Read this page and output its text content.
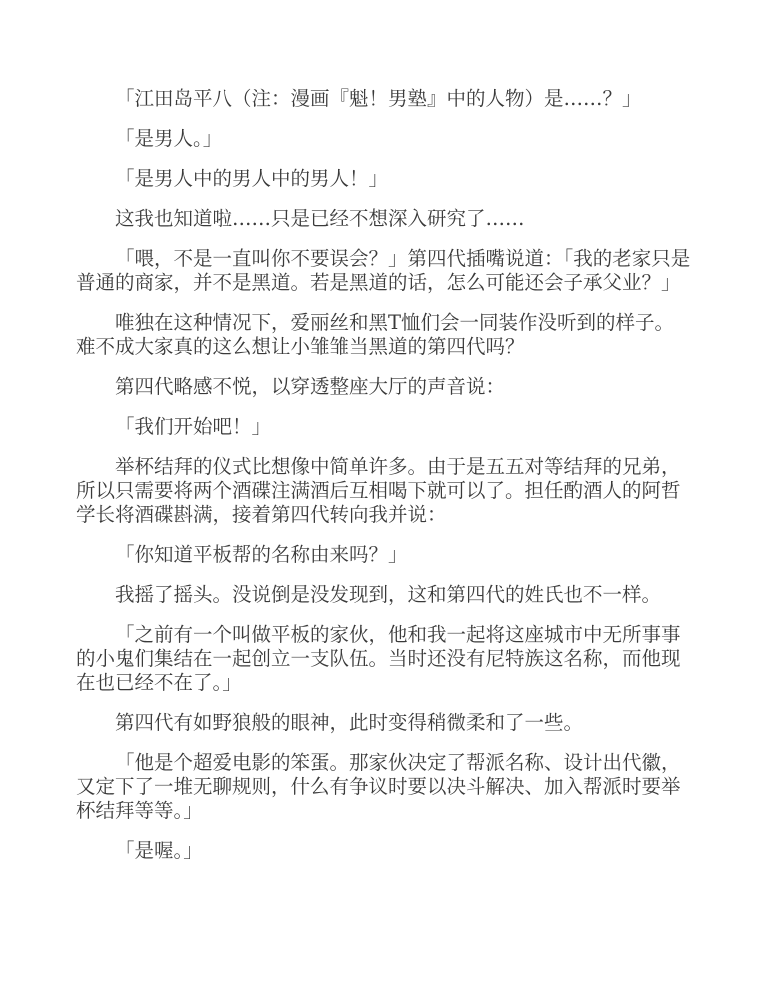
「江田岛平八（注：漫画『魁！男塾』中的人物）是……？」

「是男人。」

「是男人中的男人中的男人！」

这我也知道啦……只是已经不想深入研究了……

「喂，不是一直叫你不要误会？」第四代插嘴说道：「我的老家只是普通的商家，并不是黑道。若是黑道的话，怎么可能还会子承父业？」

唯独在这种情况下，爱丽丝和黑T恤们会一同装作没听到的样子。难不成大家真的这么想让小雏雏当黑道的第四代吗？

第四代略感不悦，以穿透整座大厅的声音说：

「我们开始吧！」

举杯结拜的仪式比想像中简单许多。由于是五五对等结拜的兄弟，所以只需要将两个酒碟注满酒后互相喝下就可以了。担任酌酒人的阿哲学长将酒碟斟满，接着第四代转向我并说：

「你知道平板帮的名称由来吗？」

我摇了摇头。没说倒是没发现到，这和第四代的姓氏也不一样。

「之前有一个叫做平板的家伙，他和我一起将这座城市中无所事事的小鬼们集结在一起创立一支队伍。当时还没有尼特族这名称，而他现在也已经不在了。」

第四代有如野狼般的眼神，此时变得稍微柔和了一些。

「他是个超爱电影的笨蛋。那家伙决定了帮派名称、设计出代徽，又定下了一堆无聊规则，什么有争议时要以决斗解决、加入帮派时要举杯结拜等等。」

「是喔。」
